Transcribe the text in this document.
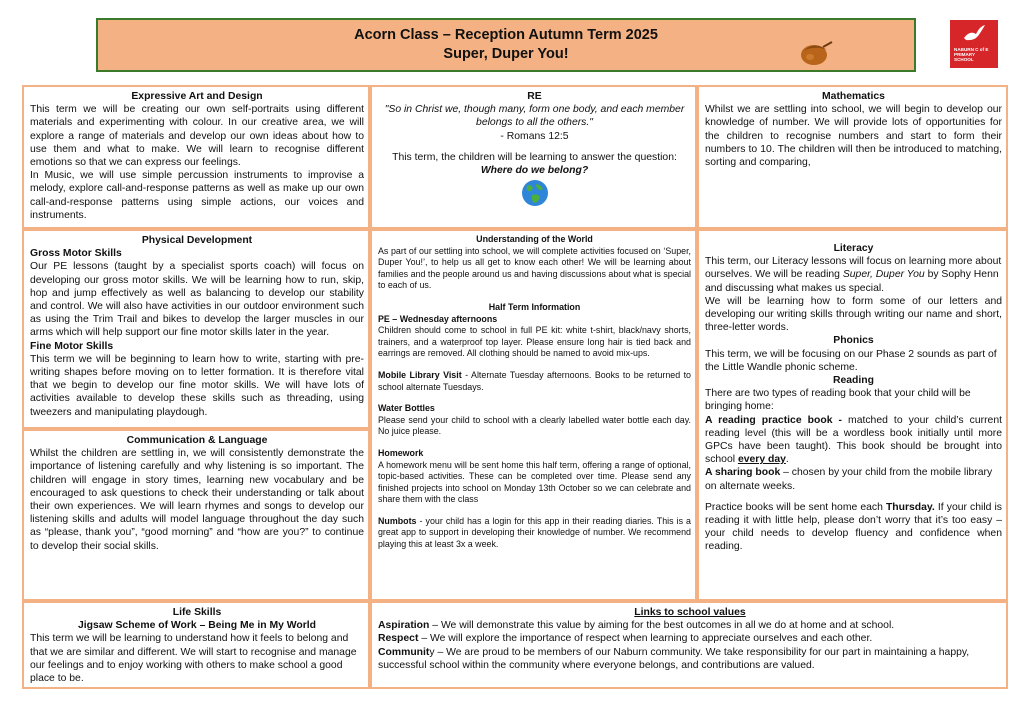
Acorn Class – Reception Autumn Term 2025
Super, Duper You!	NABURN C of E PRIMARY SCHOOL

Expressive Art and Design

This term we will be creating our own self-portraits using different materials and experimenting with colour. In our creative area, we will explore a range of materials and develop our own ideas about how to use them and what to make. We will learn to recognise different emotions so that we can express our feelings.

In Music, we will use simple percussion instruments to improvise a melody, explore call-and-response patterns as well as make up our own call-and-response patterns using simple actions, our voices and instruments.

RE

"So in Christ we, though many, form one body, and each member belongs to all the others."

- Romans 12:5

This term, the children will be learning to answer the question:

Where do we belong?

Mathematics

Whilst we are settling into school, we will begin to develop our knowledge of number. We will provide lots of opportunities for the children to recognise numbers and start to form their numbers to 10. The children will then be introduced to matching, sorting and comparing,

Physical Development

Gross Motor Skills

Our PE lessons (taught by a specialist sports coach) will focus on developing our gross motor skills. We will be learning how to run, skip, hop and jump effectively as well as balancing to develop our stability and control. We will also have activities in our outdoor environment such as using the Trim Trail and bikes to develop the larger muscles in our arms which will help support our fine motor skills later in the year.

Fine Motor Skills

This term we will be beginning to learn how to write, starting with pre-writing shapes before moving on to letter formation. It is therefore vital that we begin to develop our fine motor skills. We will have lots of activities available to develop these skills such as threading, using tweezers and manipulating playdough.

Communication & Language

Whilst the children are settling in, we will consistently demonstrate the importance of listening carefully and why listening is so important. The children will engage in story times, learning new vocabulary and be encouraged to ask questions to check their understanding or talk about their own experiences. We will learn rhymes and songs to develop our listening skills and adults will model language throughout the day such as “please, thank you”, “good morning” and “how are you?” to continue to develop their social skills.

Understanding of the World

As part of our settling into school, we will complete activities focused on ‘Super, Duper You!’, to help us all get to know each other! We will be learning about families and the people around us and having discussions about what is special to each of us.

Half Term Information

PE – Wednesday afternoons

Children should come to school in full PE kit: white t-shirt, black/navy shorts, trainers, and a waterproof top layer. Please ensure long hair is tied back and earrings are removed. All clothing should be named to avoid mix-ups.

Mobile Library Visit - Alternate Tuesday afternoons. Books to be returned to school alternate Tuesdays.

Water Bottles

Please send your child to school with a clearly labelled water bottle each day. No juice please.

Homework

A homework menu will be sent home this half term, offering a range of optional, topic-based activities. These can be completed over time. Please send any finished projects into school on Monday 13th October so we can celebrate and share them with the class

Numbots - your child has a login for this app in their reading diaries. This is a great app to support in developing their knowledge of number. We recommend playing this at least 3x a week.

Literacy

This term, our Literacy lessons will focus on learning more about ourselves. We will be reading Super, Duper You by Sophy Henn and discussing what makes us special.

We will be learning how to form some of our letters and developing our writing skills through writing our name and short, three-letter words.

Phonics

This term, we will be focusing on our Phase 2 sounds as part of the Little Wandle phonic scheme.

Reading

There are two types of reading book that your child will be bringing home:

A reading practice book - matched to your child’s current reading level (this will be a wordless book initially until more GPCs have been taught). This book should be brought into school every day.

A sharing book – chosen by your child from the mobile library on alternate weeks.

Practice books will be sent home each Thursday. If your child is reading it with little help, please don’t worry that it’s too easy – your child needs to develop fluency and confidence when reading.

Life Skills

Jigsaw Scheme of Work – Being Me in My World

This term we will be learning to understand how it feels to belong and that we are similar and different. We will start to recognise and manage our feelings and to enjoy working with others to make school a good place to be.

Links to school values

Aspiration – We will demonstrate this value by aiming for the best outcomes in all we do at home and at school.

Respect – We will explore the importance of respect when learning to appreciate ourselves and each other.

Community – We are proud to be members of our Naburn community. We take responsibility for our part in maintaining a happy, successful school within the community where everyone belongs, and contributions are valued.
